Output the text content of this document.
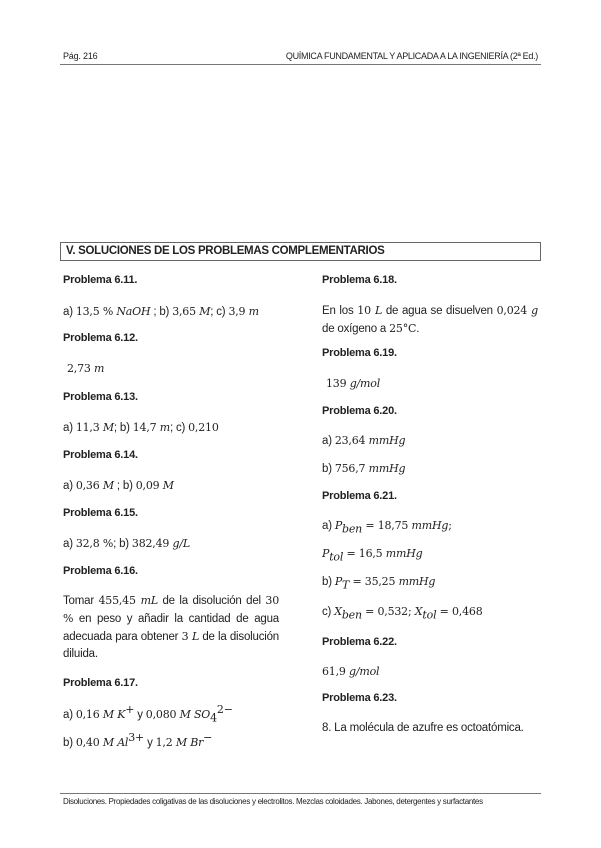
Pág. 216	QUÍMICA FUNDAMENTAL Y APLICADA A LA INGENIERÍA (2ª Ed.)
V. SOLUCIONES DE LOS PROBLEMAS COMPLEMENTARIOS
Problema 6.11.
a) 13,5 % NaOH ; b) 3,65 M; c) 3,9 m
Problema 6.12.
2,73 m
Problema 6.13.
a) 11,3 M; b) 14,7 m; c) 0,210
Problema 6.14.
a) 0,36 M ; b) 0,09 M
Problema 6.15.
a) 32,8 %; b) 382,49 g/L
Problema 6.16.
Tomar 455,45 mL de la disolución del 30 % en peso y añadir la cantidad de agua adecuada para obtener 3 L de la disolución diluida.
Problema 6.17.
a) 0,16 M K+ y 0,080 M $SO_4^{2-}$
b) 0,40 M $Al^{3+}$ y 1,2 M Br−
Problema 6.18.
En los 10 L de agua se disuelven 0,024 g de oxígeno a 25°C.
Problema 6.19.
139 g/mol
Problema 6.20.
a) 23,64 mmHg
b) 756,7 mmHg
Problema 6.21.
a) $P_{ben} = 18,75$ mmHg;
$P_{tol} = 16,5$ mmHg
b) $P_T = 35,25$ mmHg
c) $X_{ben} = 0,532$; $X_{tol} = 0,468$
Problema 6.22.
61,9 g/mol
Problema 6.23.
8. La molécula de azufre es octoatómica.
Disoluciones. Propiedades coligativas de las disoluciones y electrolitos. Mezclas coloidades. Jabones, detergentes y surfactantes
